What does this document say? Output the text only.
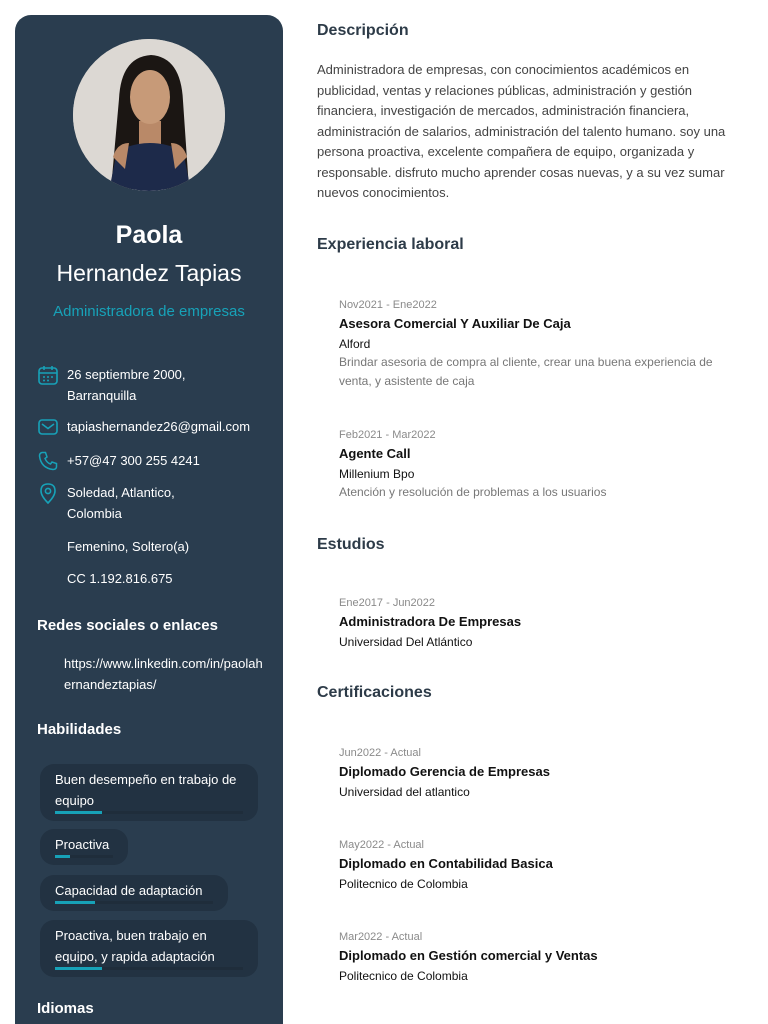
Paola
Hernandez Tapias
Administradora de empresas
26 septiembre 2000, Barranquilla
tapiashernandez26@gmail.com
+57@47 300 255 4241
Soledad, Atlantico, Colombia
Femenino, Soltero(a)
CC 1.192.816.675
Redes sociales o enlaces
https://www.linkedin.com/in/paolahernandeztapias/
Habilidades
Buen desempeño en trabajo de equipo
Proactiva
Capacidad de adaptación
Proactiva, buen trabajo en equipo, y rapida adaptación
Idiomas
Descripción
Administradora de empresas, con conocimientos académicos en publicidad, ventas y relaciones públicas, administración y gestión financiera, investigación de mercados, administración financiera, administración de salarios, administración del talento humano. soy una persona proactiva, excelente compañera de equipo, organizada y responsable. disfruto mucho aprender cosas nuevas, y a su vez sumar nuevos conocimientos.
Experiencia laboral
Nov2021 - Ene2022
Asesora Comercial Y Auxiliar De Caja
Alford
Brindar asesoria de compra al cliente, crear una buena experiencia de venta, y asistente de caja
Feb2021 - Mar2022
Agente Call
Millenium Bpo
Atención y resolución de problemas a los usuarios
Estudios
Ene2017 - Jun2022
Administradora De Empresas
Universidad Del Atlántico
Certificaciones
Jun2022 - Actual
Diplomado Gerencia de Empresas
Universidad del atlantico
May2022 - Actual
Diplomado en Contabilidad Basica
Politecnico de Colombia
Mar2022 - Actual
Diplomado en Gestión comercial y Ventas
Politecnico de Colombia
